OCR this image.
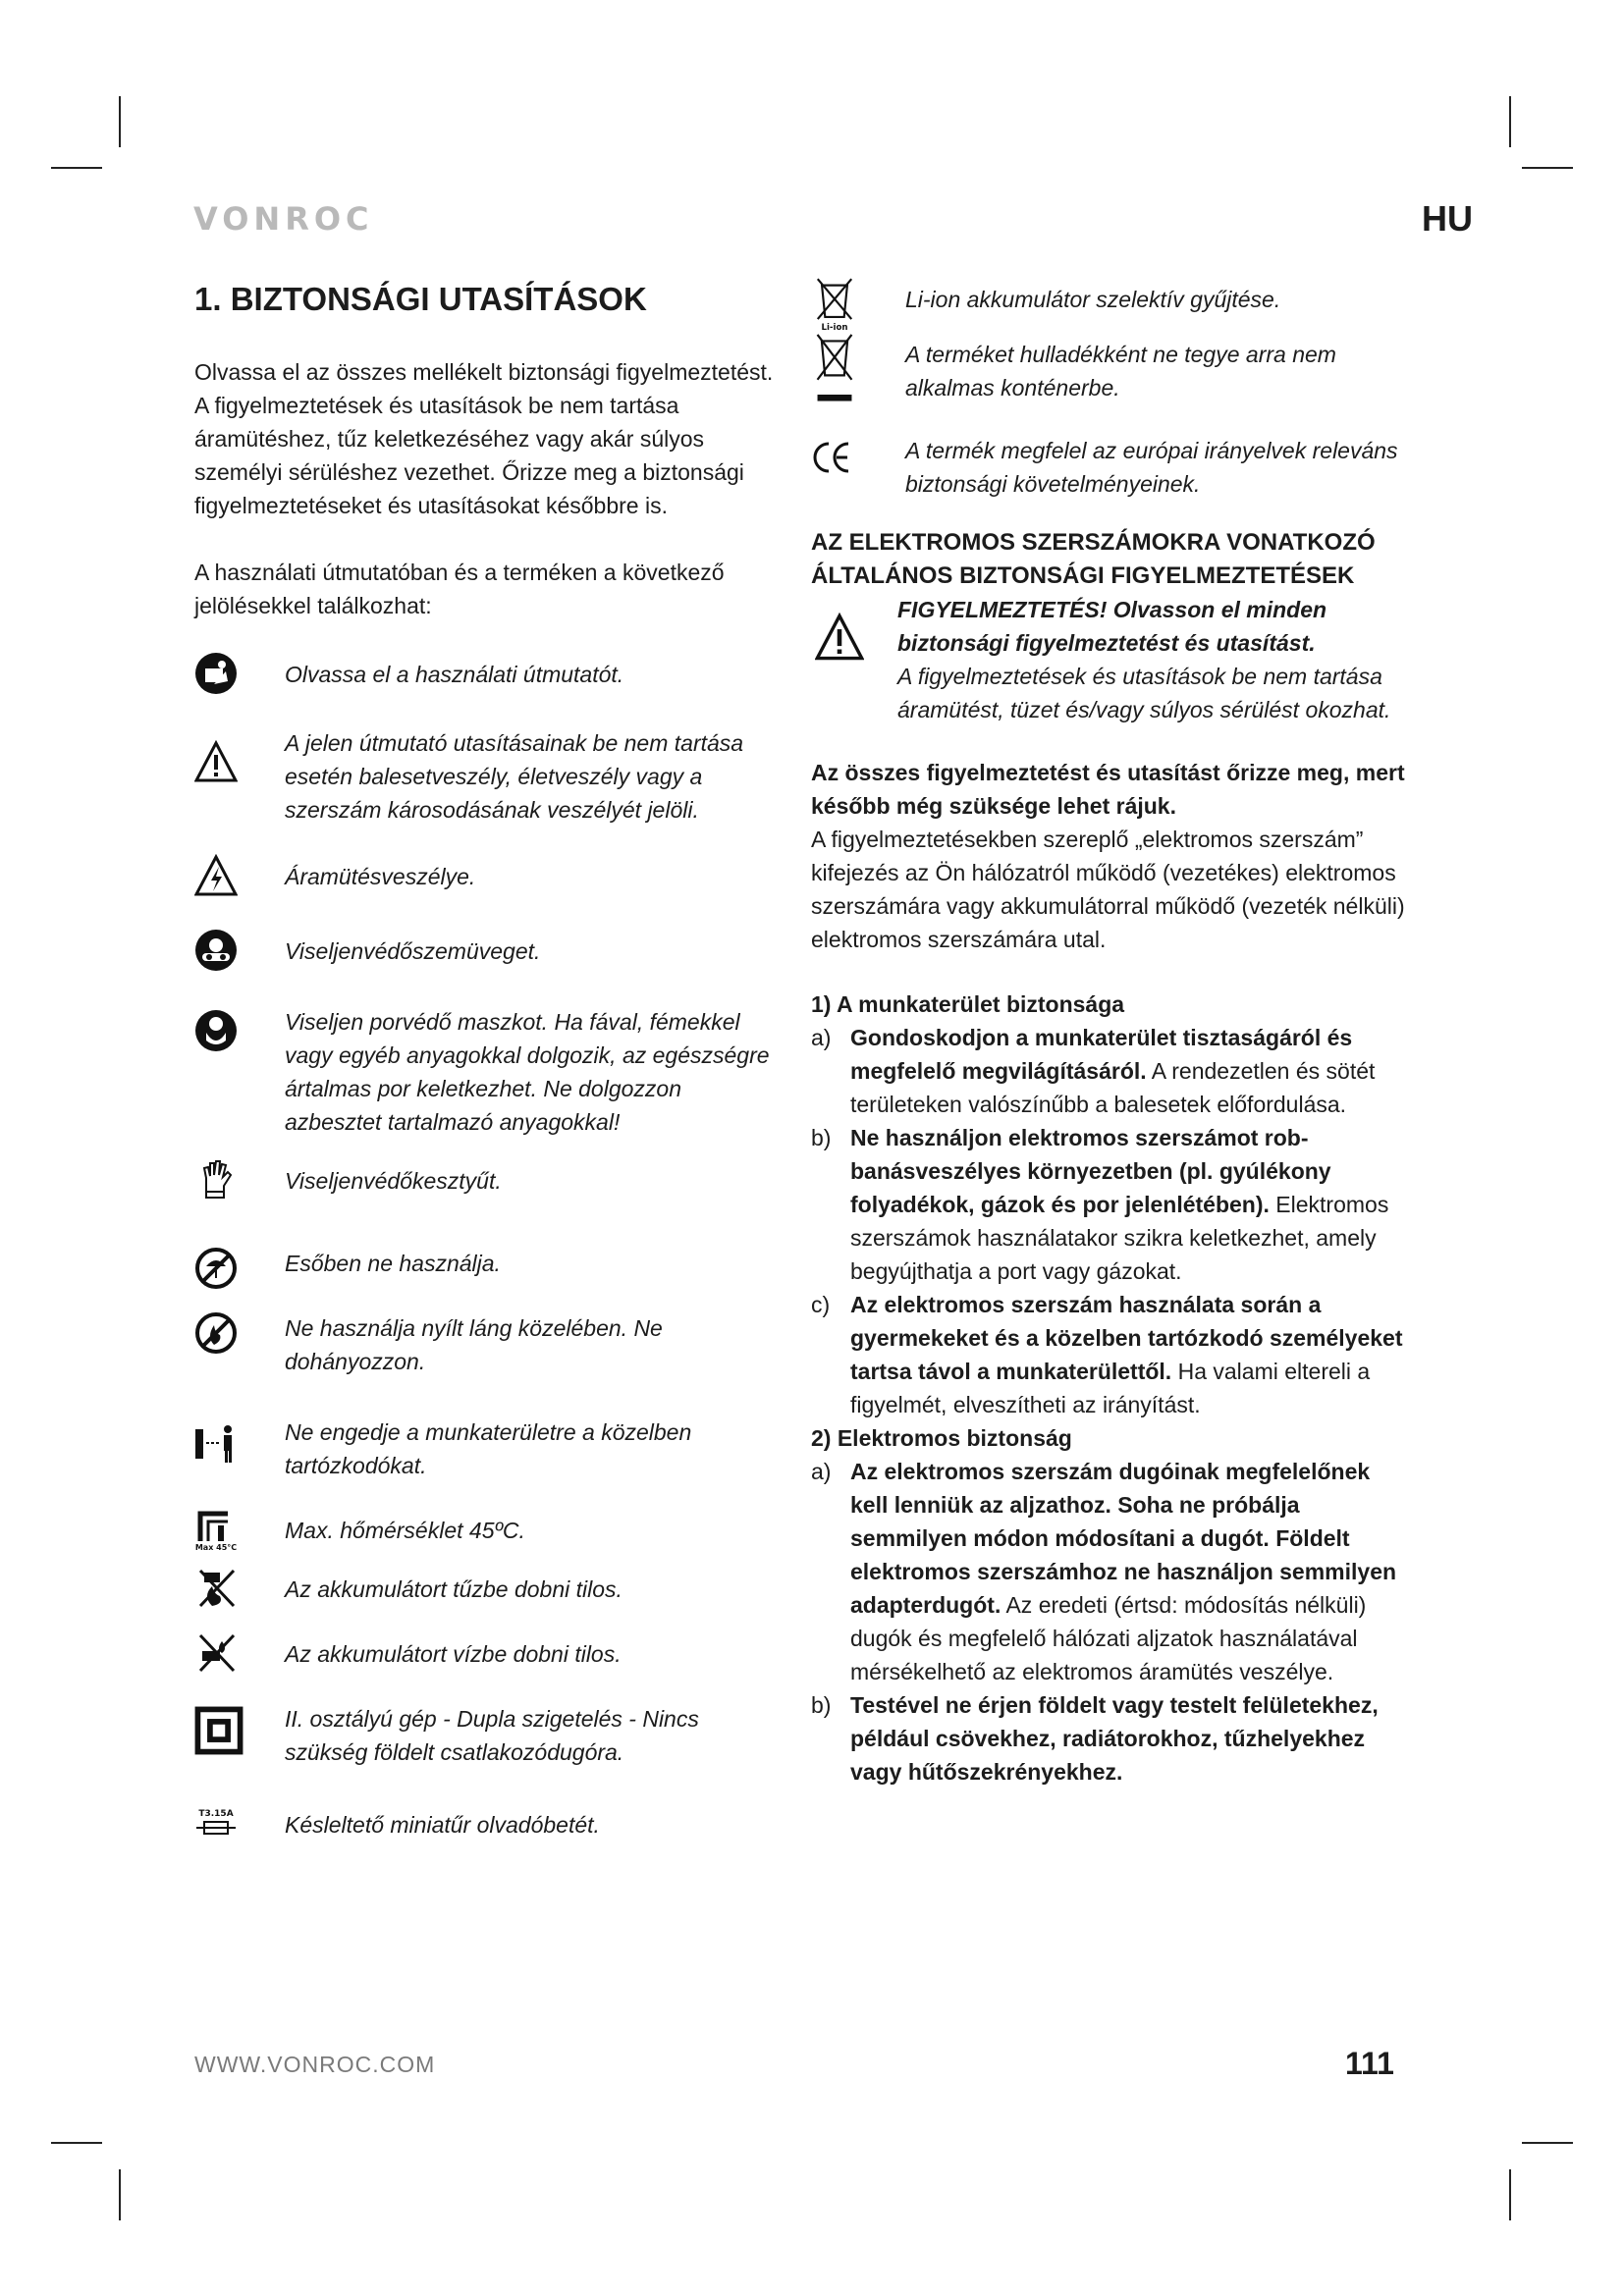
VONROC	HU
1. BIZTONSÁGI UTASÍTÁSOK

Olvassa el az összes mellékelt biztonsági figyelmeztetést. A figyelmeztetések és utasítások be nem tartása áramütéshez, tűz keletkezéséhez vagy akár súlyos személyi sérüléshez vezethet. Őrizze meg a biztonsági figyelmeztetéseket és utasításokat későbbre is.

A használati útmutatóban és a terméken a következő jelölésekkel találkozhat:

Olvassa el a használati útmutatót.
A jelen útmutató utasításainak be nem tartása esetén balesetveszély, életveszély vagy a szerszám károsodásának veszélyét jelöli.
Áramütésveszélye.
Viseljenvédőszemüveget.
Viseljen porvédő maszkot. Ha fával, fémekkel vagy egyéb anyagokkal dolgozik, az egészségre ártalmas por keletkezhet. Ne dolgozzon azbesztet tartalmazó anyagokkal!
Viseljenvédőkesztyűt.
Esőben ne használja.
Ne használja nyílt láng közelében. Ne dohányozzon.
Ne engedje a munkaterületre a közelben tartózkodókat.
Max 45°C
Max. hőmérséklet 45ºC.
Az akkumulátort tűzbe dobni tilos.
Az akkumulátort vízbe dobni tilos.
II. osztályú gép - Dupla szigetelés - Nincs szükség földelt csatlakozódugóra.
T3.15A Késleltető miniatűr olvadóbetét.
Li-ion
Li-ion akkumulátor szelektív gyűjtése.
A terméket hulladékként ne tegye arra nem alkalmas konténerbe.
A termék megfelel az európai irányelvek releváns biztonsági követelményeinek.
AZ ELEKTROMOS SZERSZÁMOKRA VONATKOZÓ ÁLTALÁNOS BIZTONSÁGI FIGYELMEZTETÉSEK
FIGYELMEZTETÉS! Olvasson el minden biztonsági figyelmeztetést és utasítást.
A figyelmeztetések és utasítások be nem tartása áramütést, tüzet és/vagy súlyos sérülést okozhat.

Az összes figyelmeztetést és utasítást őrizze meg, mert később még szüksége lehet rájuk.

A figyelmeztetésekben szereplő „elektromos szerszám” kifejezés az Ön hálózatról működő (vezetékes) elektromos szerszámára vagy akkumulátorral működő (vezeték nélküli) elektromos szerszámára utal.

1) A munkaterület biztonsága

a) Gondoskodjon a munkaterület tisztaságáról és megfelelő megvilágításáról. A rendezetlen és sötét területeken valószínűbb a balesetek előfordulása.

b) Ne használjon elektromos szerszámot robbanásveszélyes környezetben (pl. gyúlékony folyadékok, gázok és por jelenlétében). Elektromos szerszámok használatakor szikra keletkezhet, amely begyújthatja a port vagy gázokat.

c) Az elektromos szerszám használata során a gyermekeket és a közelben tartózkodó személyeket tartsa távol a munkaterülettől. Ha valami eltereli a figyelmét, elveszítheti az irányítást.

2) Elektromos biztonság

a) Az elektromos szerszám dugóinak megfelelőnek kell lenniük az aljzathoz. Soha ne próbálja semmilyen módon módosítani a dugót. Földelt elektromos szerszámhoz ne használjon semmilyen adapterdugót. Az eredeti (értsd: módosítás nélküli) dugók és megfelelő hálózati aljzatok használatával mérsékelhető az elektromos áramütés veszélye.

b) Testével ne érjen földelt vagy testelt felületekhez, például csövekhez, radiátorokhoz, tűzhelyekhez vagy hűtőszekrényekhez.

WWW.VONROC.COM	111
